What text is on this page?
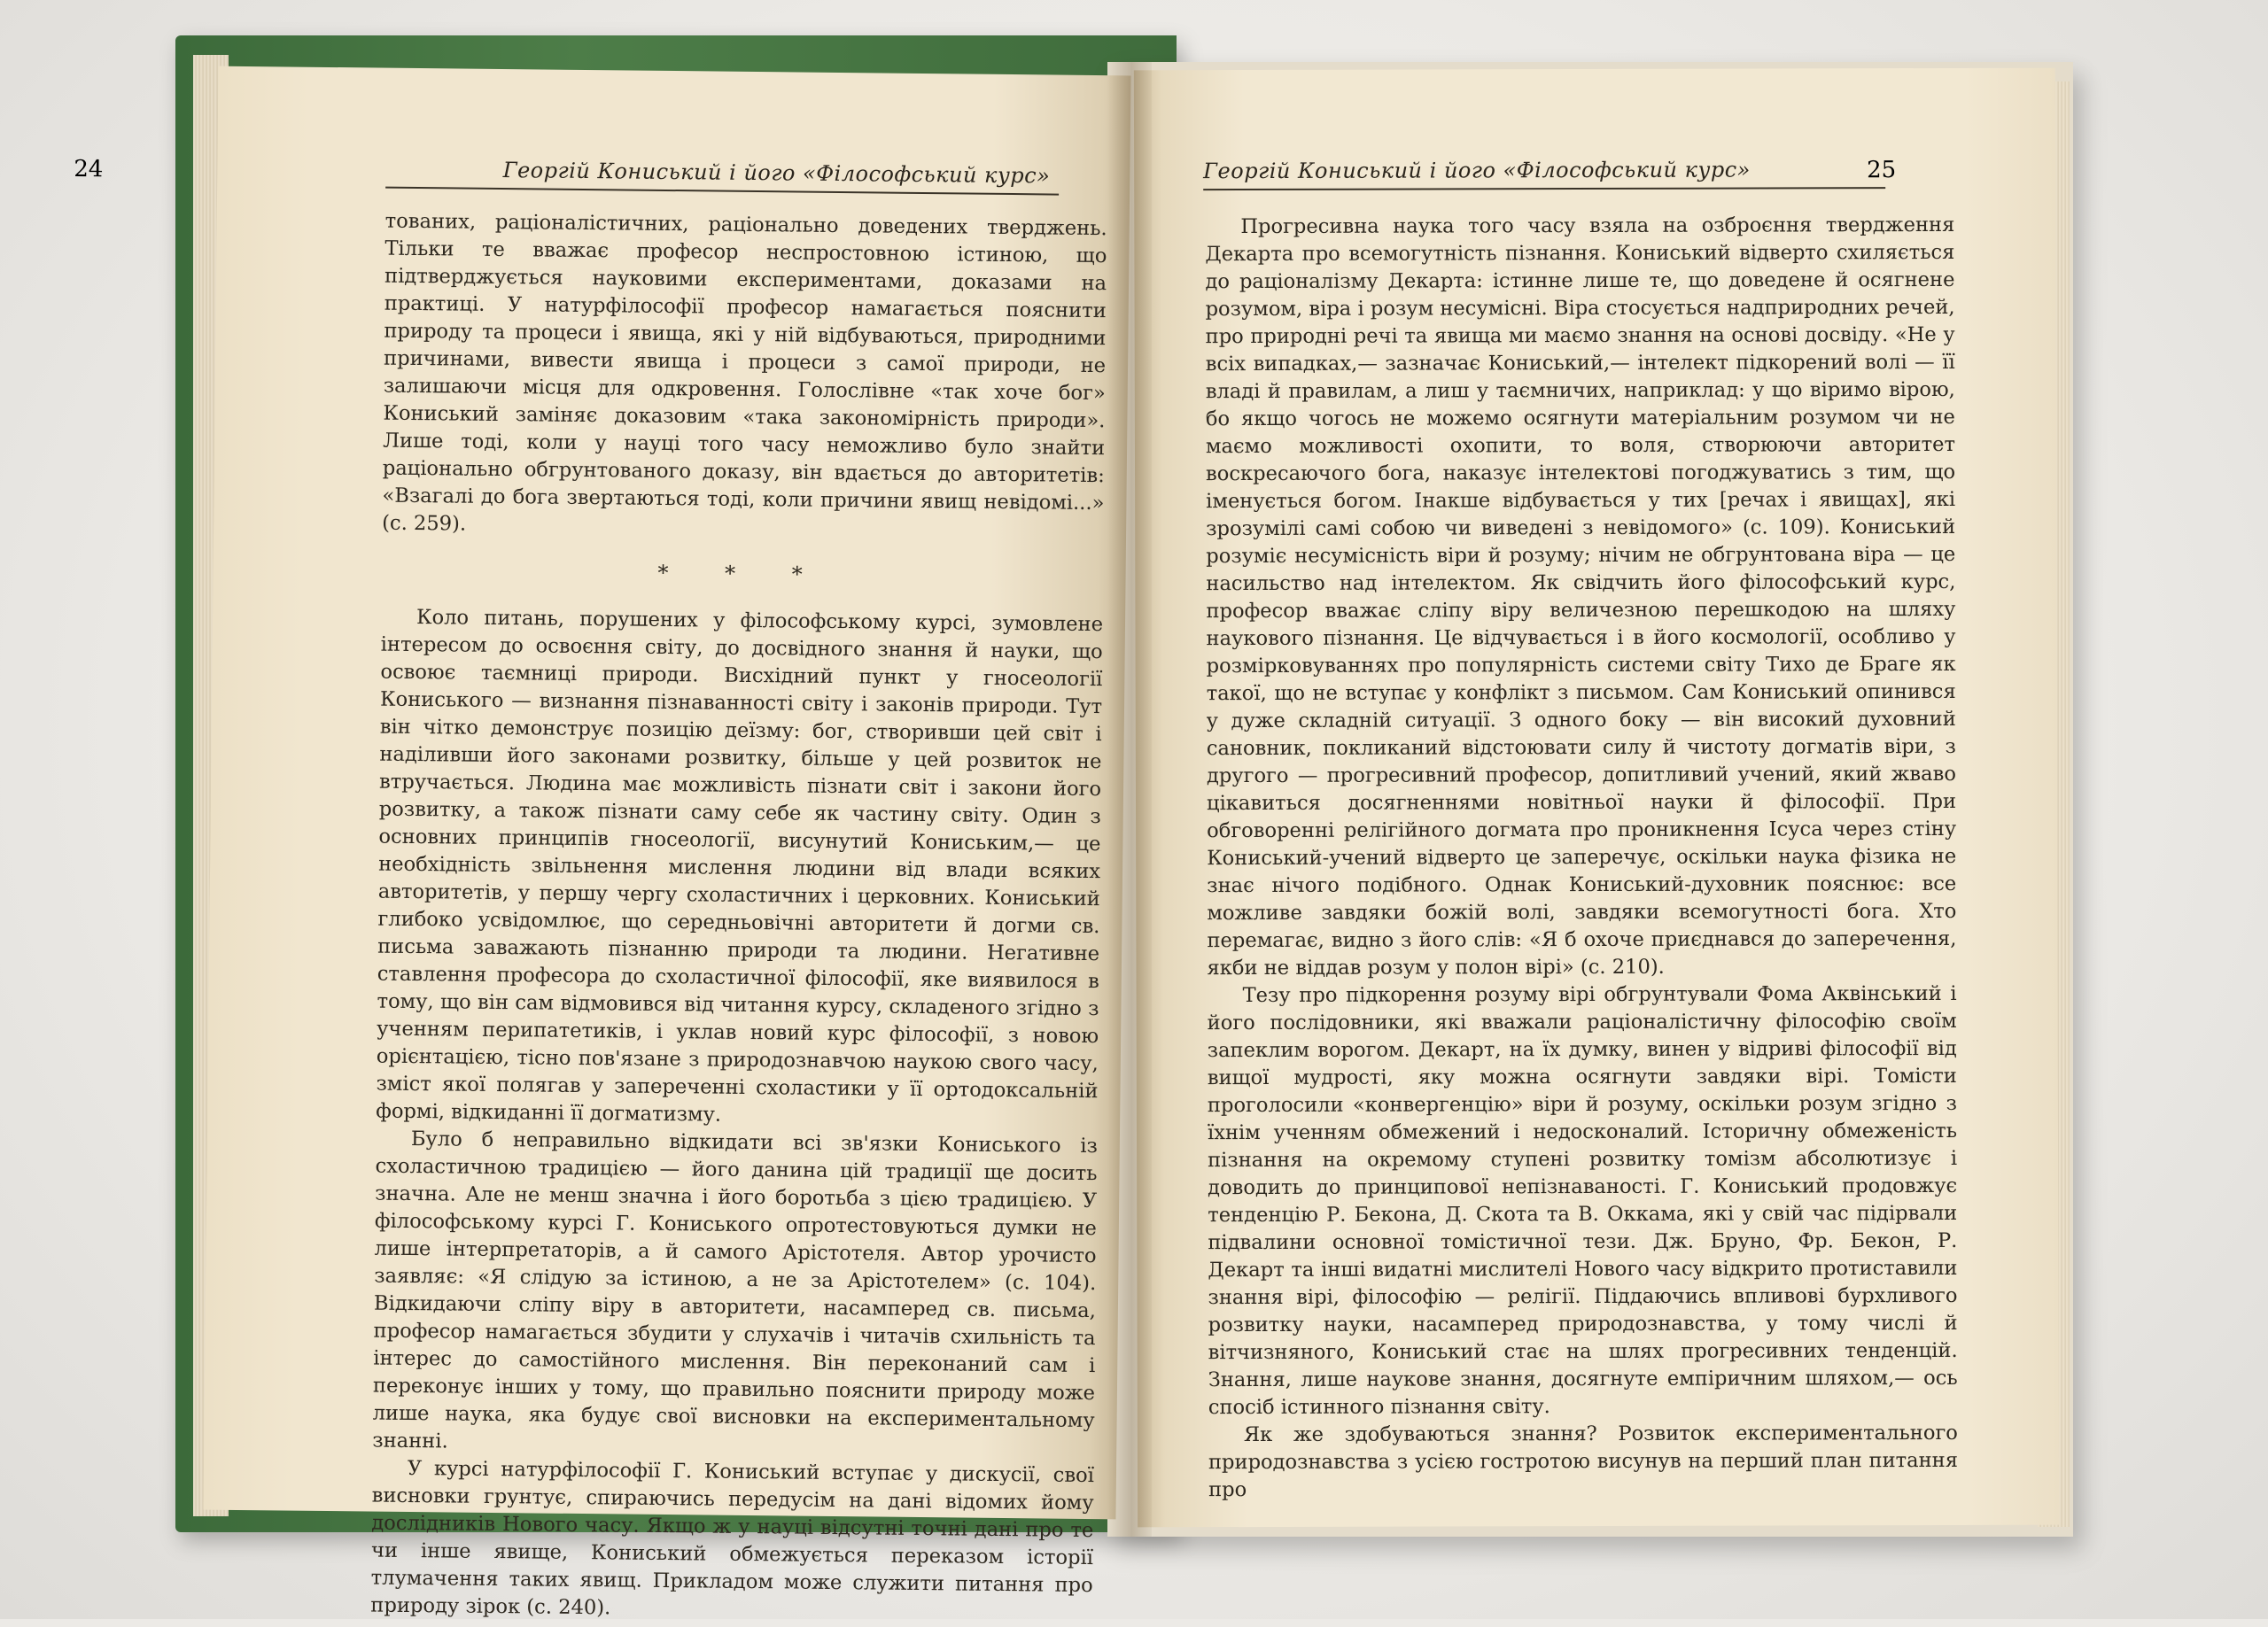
Георгій Кониський і його «Філософський курс»
24

тованих, раціоналістичних, раціонально доведених тверджень. Тільки те вважає професор неспростовною істиною, що підтверджується науковими експериментами, доказами на практиці. У натурфілософії професор намагається пояснити природу та процеси і явища, які у ній відбуваються, природними причинами, вивести явища і процеси з самої природи, не залишаючи місця для одкровення. Голослівне «так хоче бог» Кониський заміняє доказовим «така закономірність природи». Лише тоді, коли у науці того часу неможливо було знайти раціонально обгрунтованого доказу, він вдається до авторитетів: «Взагалі до бога звертаються тоді, коли причини явищ невідомі...» (с. 259).

* * *

Коло питань, порушених у філософському курсі, зумовлене інтересом до освоєння світу, до досвідного знання й науки, що освоює таємниці природи. Висхідний пункт у гносеології Кониського — визнання пізнаванності світу і законів природи. Тут він чітко демонструє позицію деїзму: бог, створивши цей світ і наділивши його законами розвитку, більше у цей розвиток не втручається. Людина має можливість пізнати світ і закони його розвитку, а також пізнати саму себе як частину світу. Один з основних принципів гносеології, висунутий Кониським,— це необхідність звільнення мислення людини від влади всяких авторитетів, у першу чергу схоластичних і церковних. Кониський глибоко усвідомлює, що середньовічні авторитети й догми св. письма заважають пізнанню природи та людини. Негативне ставлення професора до схоластичної філософії, яке виявилося в тому, що він сам відмовився від читання курсу, складеного згідно з ученням перипатетиків, і уклав новий курс філософії, з новою орієнтацією, тісно пов'язане з природознавчою наукою свого часу, зміст якої полягав у запереченні схоластики у її ортодоксальній формі, відкиданні її догматизму.

Було б неправильно відкидати всі зв'язки Кониського із схоластичною традицією — його данина цій традиції ще досить значна. Але не менш значна і його боротьба з цією традицією. У філософському курсі Г. Кониського опротестовуються думки не лише інтерпретаторів, а й самого Арістотеля. Автор урочисто заявляє: «Я слідую за істиною, а не за Арістотелем» (с. 104). Відкидаючи сліпу віру в авторитети, насамперед св. письма, професор намагається збудити у слухачів і читачів схильність та інтерес до самостійного мислення. Він переконаний сам і переконує інших у тому, що правильно пояснити природу може лише наука, яка будує свої висновки на експериментальному знанні.

У курсі натурфілософії Г. Кониський вступає у дискусії, свої висновки грунтує, спираючись передусім на дані відомих йому дослідників Нового часу. Якщо ж у науці відсутні точні дані про те чи інше явище, Кониський обмежується переказом історії тлумачення таких явищ. Прикладом може служити питання про природу зірок (с. 240).

Георгій Кониський і його «Філософський курс»	25

Прогресивна наука того часу взяла на озброєння твердження Декарта про всемогутність пізнання. Кониський відверто схиляється до раціоналізму Декарта: істинне лише те, що доведене й осягнене розумом, віра і розум несумісні. Віра стосується надприродних речей, про природні речі та явища ми маємо знання на основі досвіду. «Не у всіх випадках,— зазначає Кониський,— інтелект підкорений волі — її владі й правилам, а лиш у таємничих, наприклад: у що віримо вірою, бо якщо чогось не можемо осягнути матеріальним розумом чи не маємо можливості охопити, то воля, створюючи авторитет воскресаючого бога, наказує інтелектові погоджуватись з тим, що іменується богом. Інакше відбувається у тих [речах і явищах], які зрозумілі самі собою чи виведені з невідомого» (с. 109). Кониський розуміє несумісність віри й розуму; нічим не обгрунтована віра — це насильство над інтелектом. Як свідчить його філософський курс, професор вважає сліпу віру величезною перешкодою на шляху наукового пізнання. Це відчувається і в його космології, особливо у розмірковуваннях про популярність системи світу Тихо де Браге як такої, що не вступає у конфлікт з письмом. Сам Кониський опинився у дуже складній ситуації. З одного боку — він високий духовний сановник, покликаний відстоювати силу й чистоту догматів віри, з другого — прогресивний професор, допитливий учений, який жваво цікавиться досягненнями новітньої науки й філософії. При обговоренні релігійного догмата про проникнення Ісуса через стіну Кониський-учений відверто це заперечує, оскільки наука фізика не знає нічого подібного. Однак Кониський-духовник пояснює: все можливе завдяки божій волі, завдяки всемогутності бога. Хто перемагає, видно з його слів: «Я б охоче приєднався до заперечення, якби не віддав розум у полон вірі» (с. 210).

Тезу про підкорення розуму вірі обгрунтували Фома Аквінський і його послідовники, які вважали раціоналістичну філософію своїм запеклим ворогом. Декарт, на їх думку, винен у відриві філософії від вищої мудрості, яку можна осягнути завдяки вірі. Томісти проголосили «конвергенцію» віри й розуму, оскільки розум згідно з їхнім ученням обмежений і недосконалий. Історичну обмеженість пізнання на окремому ступені розвитку томізм абсолютизує і доводить до принципової непізнаваності. Г. Кониський продовжує тенденцію Р. Бекона, Д. Скота та В. Оккама, які у свій час підірвали підвалини основної томістичної тези. Дж. Бруно, Фр. Бекон, Р. Декарт та інші видатні мислителі Нового часу відкрито протиставили знання вірі, філософію — релігії. Піддаючись впливові бурхливого розвитку науки, насамперед природознавства, у тому числі й вітчизняного, Кониський стає на шлях прогресивних тенденцій. Знання, лише наукове знання, досягнуте емпіричним шляхом,— ось спосіб істинного пізнання світу.

Як же здобуваються знання? Розвиток експериментального природознавства з усією гостротою висунув на перший план питання про
